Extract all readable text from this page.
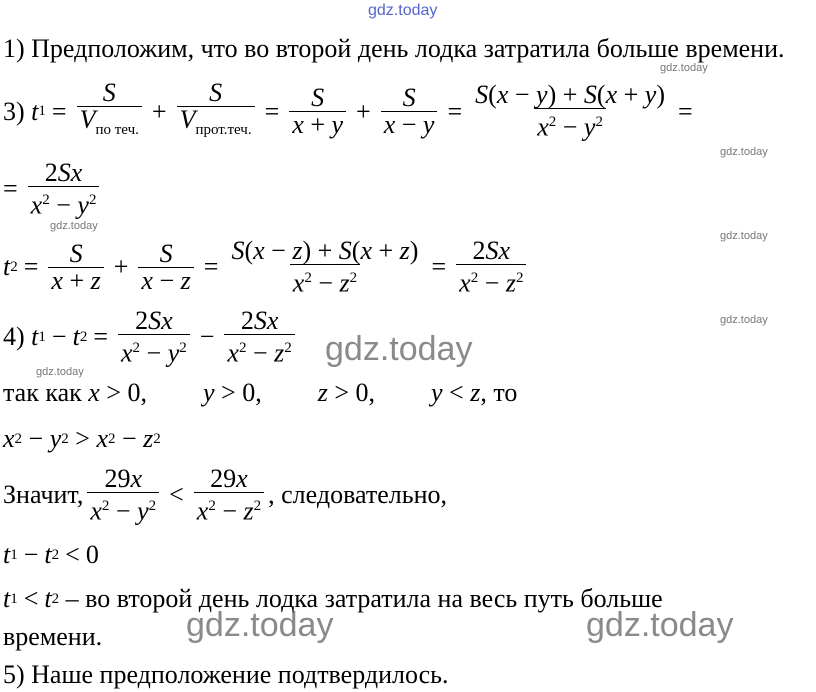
gdz.today
gdz.today
gdz.today
gdz.today
gdz.today
gdz.today
gdz.today
gdz.today
gdz.today	gdz.today
1) Предположим, что во второй день лодка затратила больше времени.
3)
t $1 = \frac{S}{V_{по теч.}} + \frac{S}{V_{прот.теч.}} = \frac{S}{x + y} + \frac{S}{x - y} = \frac{S(x - y) + S(x + y)}{x^2 - y^2}$ =
= $\frac{2Sx}{x^2 - y^2}$
t $2 = \frac{S}{x + z} + \frac{S}{x - z} = \frac{S(x - z) + S(x + z)}{x^2 - z^2} = \frac{2Sx}{x^2 - z^2}$
4)
t 1 − t $2 = \frac{2Sx}{x^2 - y^2} - \frac{2Sx}{x^2 - z^2}$
так как
x > 0, y > 0, z > 0, y < z , то
x 2 − y 2 > x 2 − z 2
Значит, $\frac{29x}{x^2 - y^2} < \frac{29x}{x^2 - z^2}$ , следовательно,
t 1 − t 2 < 0
t 1 < t 2
– во второй день лодка затратила на весь путь больше
времени.
5) Наше предположение подтвердилось.
